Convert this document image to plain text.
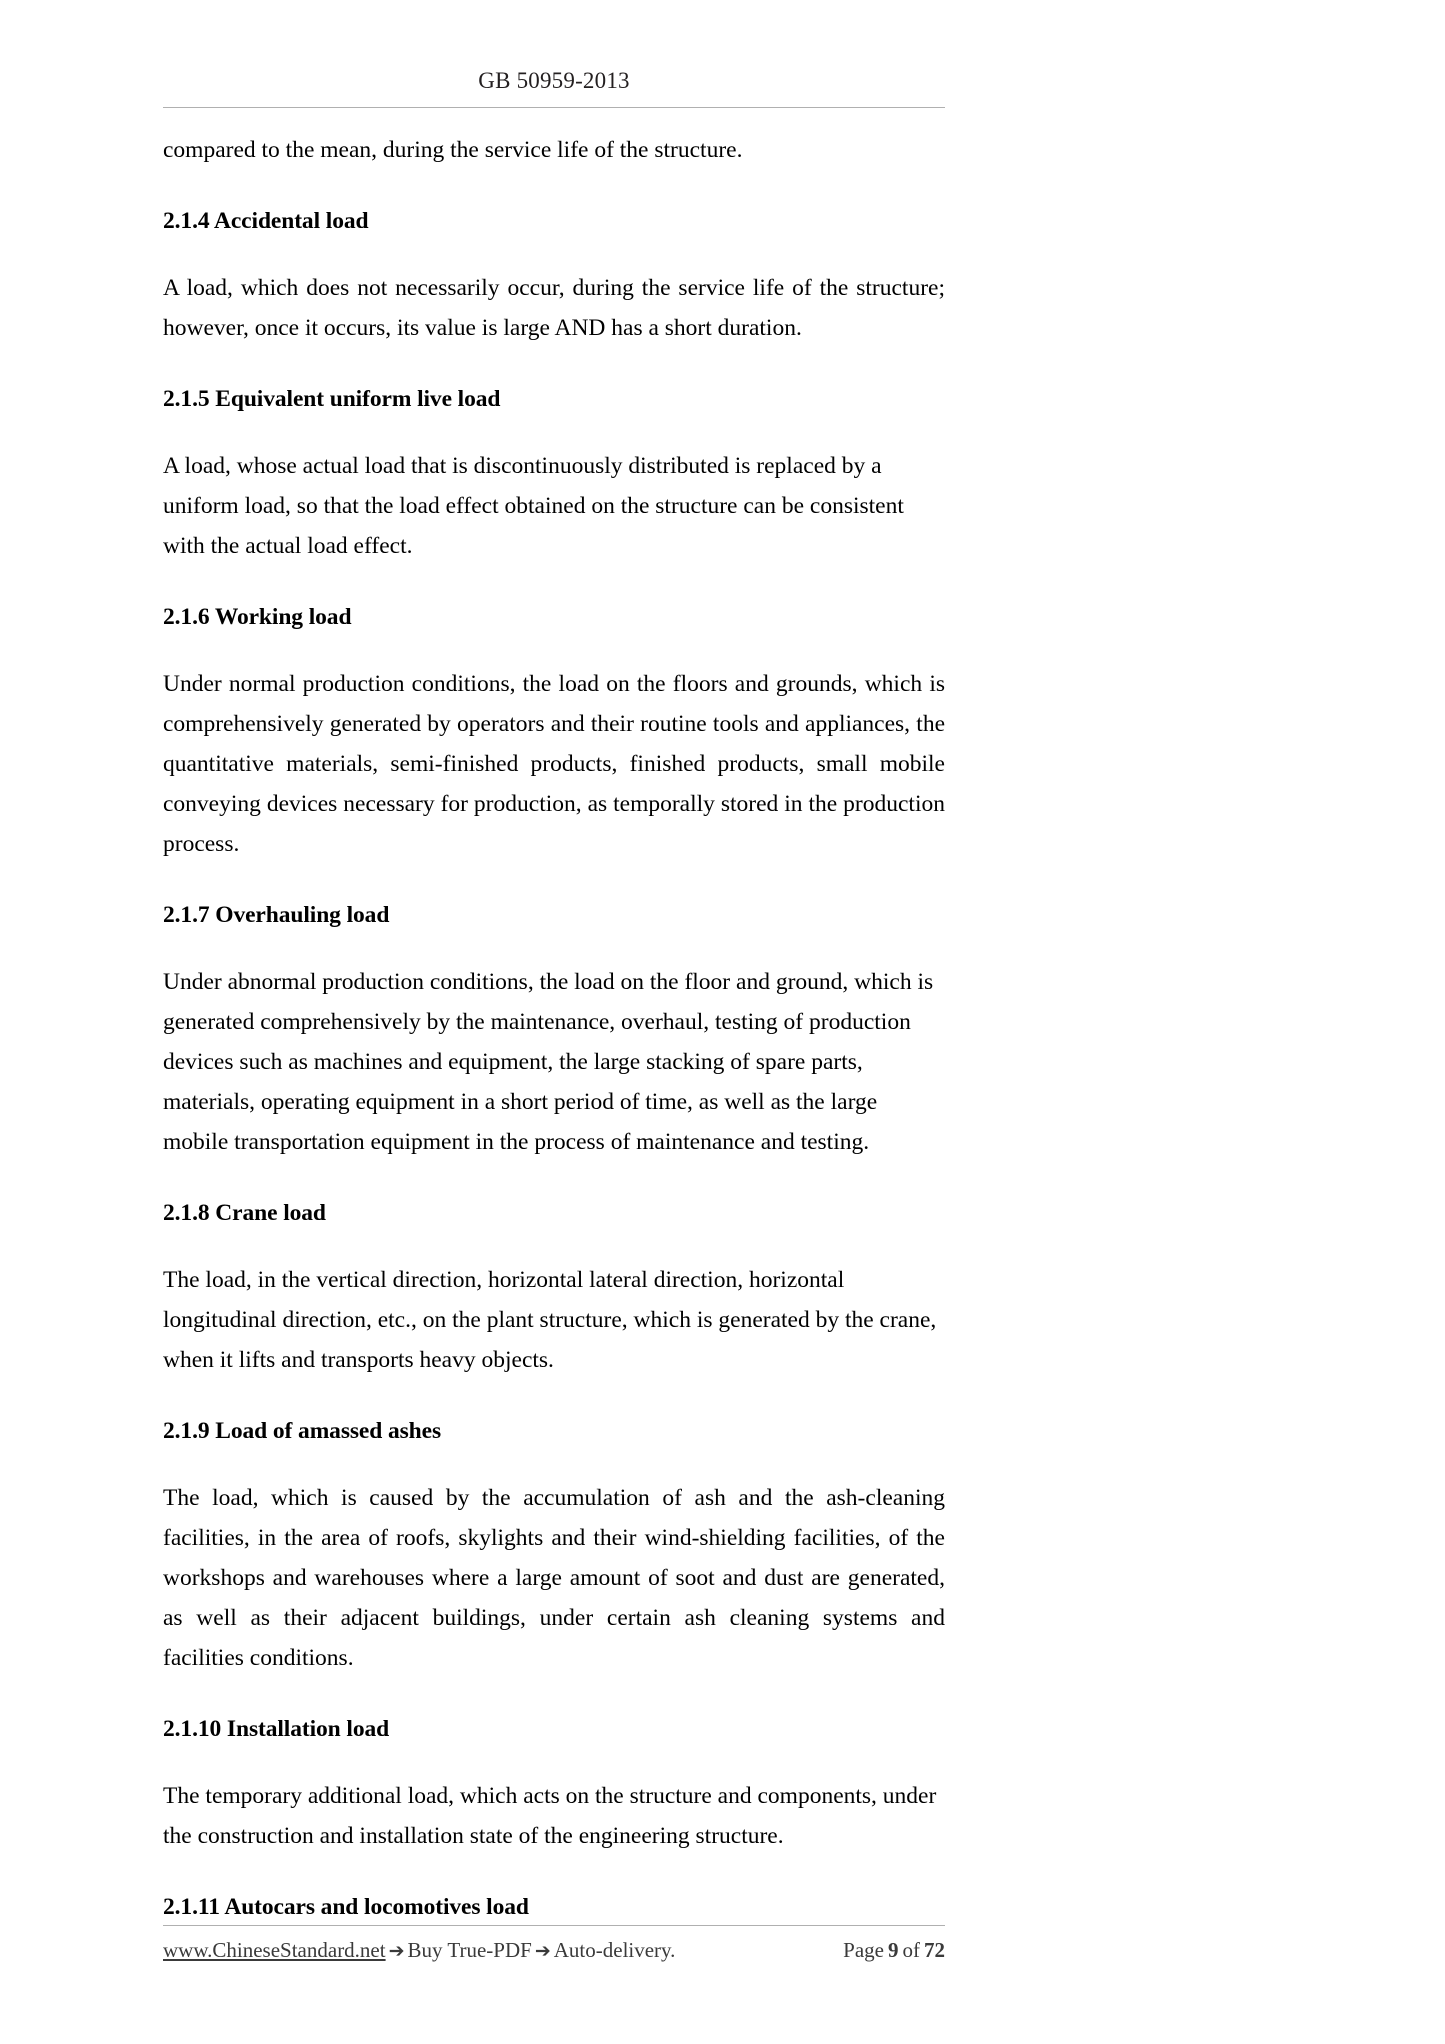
GB 50959-2013

compared to the mean, during the service life of the structure.

2.1.4 Accidental load

A load, which does not necessarily occur, during the service life of the structure; however, once it occurs, its value is large AND has a short duration.

2.1.5 Equivalent uniform live load

A load, whose actual load that is discontinuously distributed is replaced by a uniform load, so that the load effect obtained on the structure can be consistent with the actual load effect.

2.1.6 Working load

Under normal production conditions, the load on the floors and grounds, which is comprehensively generated by operators and their routine tools and appliances, the quantitative materials, semi-finished products, finished products, small mobile conveying devices necessary for production, as temporally stored in the production process.

2.1.7 Overhauling load

Under abnormal production conditions, the load on the floor and ground, which is generated comprehensively by the maintenance, overhaul, testing of production devices such as machines and equipment, the large stacking of spare parts, materials, operating equipment in a short period of time, as well as the large mobile transportation equipment in the process of maintenance and testing.

2.1.8 Crane load

The load, in the vertical direction, horizontal lateral direction, horizontal longitudinal direction, etc., on the plant structure, which is generated by the crane, when it lifts and transports heavy objects.

2.1.9 Load of amassed ashes

The load, which is caused by the accumulation of ash and the ash-cleaning facilities, in the area of roofs, skylights and their wind-shielding facilities, of the workshops and warehouses where a large amount of soot and dust are generated, as well as their adjacent buildings, under certain ash cleaning systems and facilities conditions.

2.1.10 Installation load

The temporary additional load, which acts on the structure and components, under the construction and installation state of the engineering structure.

2.1.11 Autocars and locomotives load
www.ChineseStandard.net ➔ Buy True-PDF ➔ Auto-delivery.	Page 9 of 72
